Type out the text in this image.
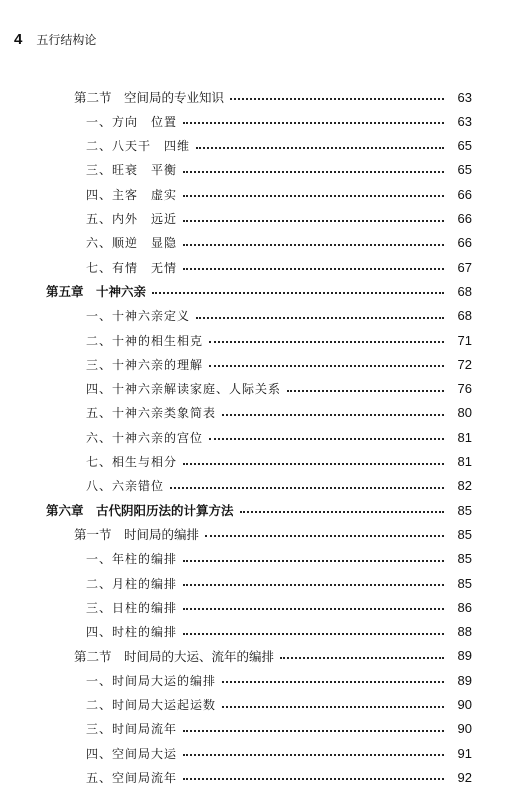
4 五行结构论
第二节　空间局的专业知识	63
一、方向　位置	63
二、八天干　四维	65
三、旺衰　平衡	65
四、主客　虚实	66
五、内外　远近	66
六、顺逆　显隐	66
七、有情　无情	67
第五章　十神六亲	68
一、十神六亲定义	68
二、十神的相生相克	71
三、十神六亲的理解	72
四、十神六亲解读家庭、人际关系	76
五、十神六亲类象简表	80
六、十神六亲的宫位	81
七、相生与相分	81
八、六亲错位	82
第六章　古代阴阳历法的计算方法	85
第一节　时间局的编排	85
一、年柱的编排	85
二、月柱的编排	85
三、日柱的编排	86
四、时柱的编排	88
第二节　时间局的大运、流年的编排	89
一、时间局大运的编排	89
二、时间局大运起运数	90
三、时间局流年	90
四、空间局大运	91
五、空间局流年	92
